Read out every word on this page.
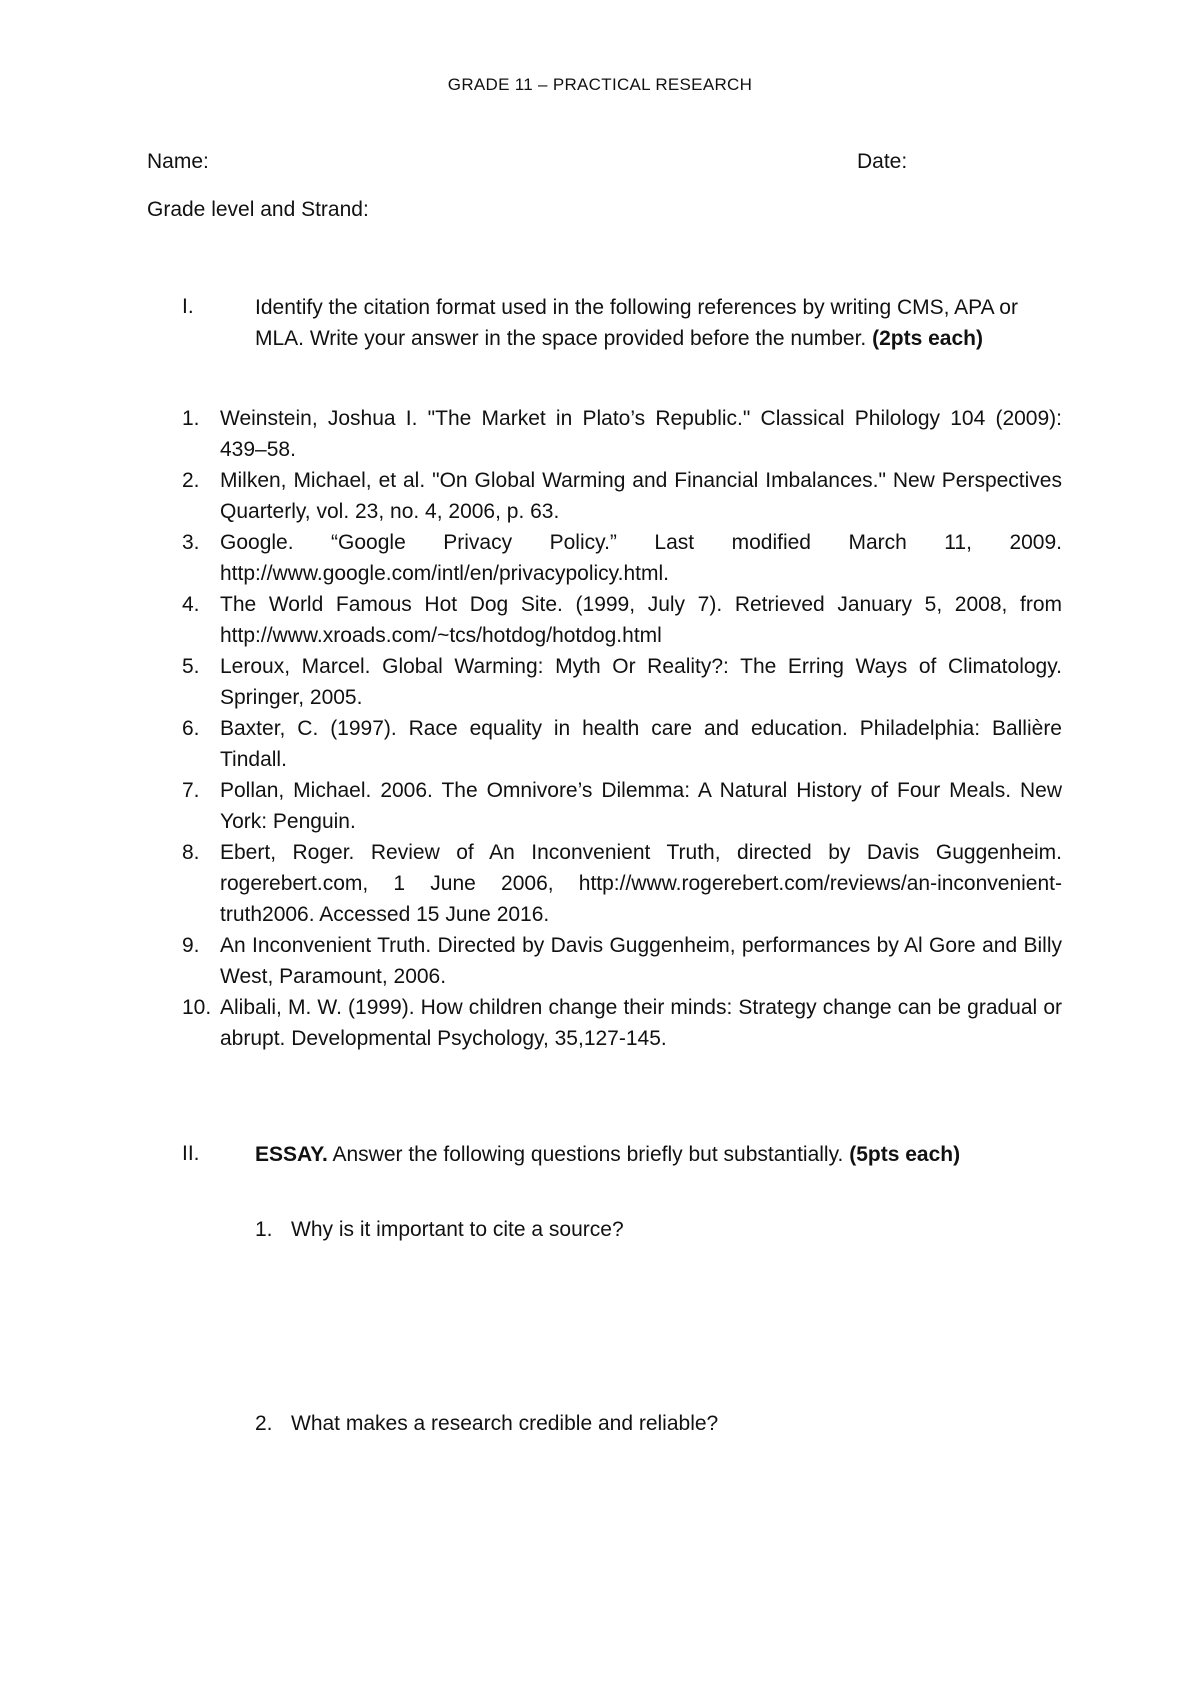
GRADE 11 – PRACTICAL RESEARCH
Name:	Date:
Grade level and Strand:
I.	Identify the citation format used in the following references by writing CMS, APA or MLA. Write your answer in the space provided before the number. (2pts each)
1. Weinstein, Joshua I. "The Market in Plato’s Republic." Classical Philology 104 (2009): 439–58.
2. Milken, Michael, et al. "On Global Warming and Financial Imbalances." New Perspectives Quarterly, vol. 23, no. 4, 2006, p. 63.
3. Google. “Google Privacy Policy.” Last modified March 11, 2009. http://www.google.com/intl/en/privacypolicy.html.
4. The World Famous Hot Dog Site. (1999, July 7). Retrieved January 5, 2008, from http://www.xroads.com/~tcs/hotdog/hotdog.html
5. Leroux, Marcel. Global Warming: Myth Or Reality?: The Erring Ways of Climatology. Springer, 2005.
6. Baxter, C. (1997). Race equality in health care and education. Philadelphia: Ballière Tindall.
7. Pollan, Michael. 2006. The Omnivore’s Dilemma: A Natural History of Four Meals. New York: Penguin.
8. Ebert, Roger. Review of An Inconvenient Truth, directed by Davis Guggenheim. rogerebert.com, 1 June 2006, http://www.rogerebert.com/reviews/an-inconvenient-truth2006. Accessed 15 June 2016.
9. An Inconvenient Truth. Directed by Davis Guggenheim, performances by Al Gore and Billy West, Paramount, 2006.
10. Alibali, M. W. (1999). How children change their minds: Strategy change can be gradual or abrupt. Developmental Psychology, 35,127-145.
II.	ESSAY. Answer the following questions briefly but substantially. (5pts each)
1. Why is it important to cite a source?
2. What makes a research credible and reliable?
